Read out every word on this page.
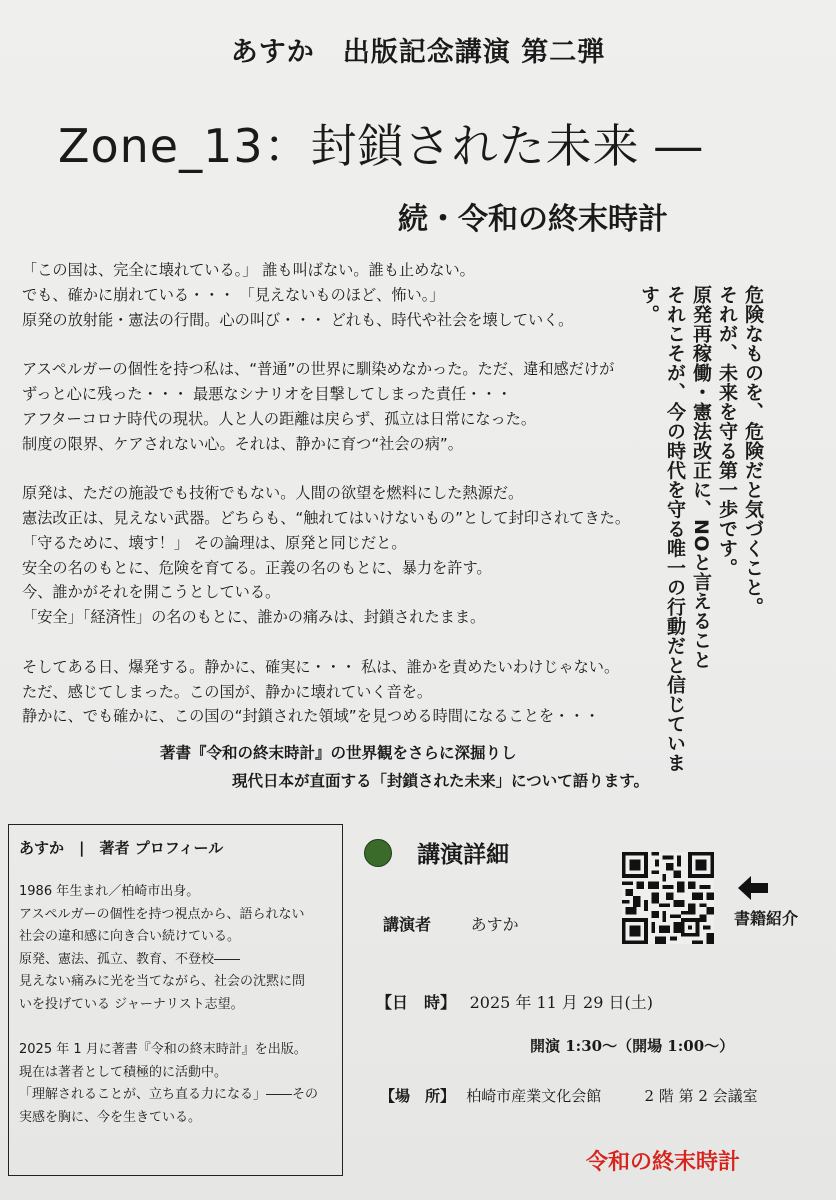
あすか　出版記念講演 第二弾
Zone_13：封鎖された未来 ―
続・令和の終末時計
「この国は、完全に壊れている。」 誰も叫ばない。誰も止めない。
でも、確かに崩れている・・・ 「見えないものほど、怖い。」
原発の放射能・憲法の行間。心の叫び・・・ どれも、時代や社会を壊していく。
アスペルガーの個性を持つ私は、“普通”の世界に馴染めなかった。ただ、違和感だけが
ずっと心に残った・・・ 最悪なシナリオを目撃してしまった責任・・・
アフターコロナ時代の現状。人と人の距離は戻らず、孤立は日常になった。
制度の限界、ケアされない心。それは、静かに育つ“社会の病”。
原発は、ただの施設でも技術でもない。人間の欲望を燃料にした熱源だ。
憲法改正は、見えない武器。どちらも、“触れてはいけないもの”として封印されてきた。
「守るために、壊す！」 その論理は、原発と同じだと。
安全の名のもとに、危険を育てる。正義の名のもとに、暴力を許す。
今、誰かがそれを開こうとしている。
「安全」「経済性」の名のもとに、誰かの痛みは、封鎖されたまま。
そしてある日、爆発する。静かに、確実に・・・ 私は、誰かを責めたいわけじゃない。
ただ、感じてしまった。この国が、静かに壊れていく音を。
静かに、でも確かに、この国の“封鎖された領域”を見つめる時間になることを・・・
著書『令和の終末時計』の世界観をさらに深掘りし
現代日本が直面する「封鎖された未来」について語ります。
危険なものを、危険だと気づくこと。
それが、未来を守る第一歩です。
原発再稼働・憲法改正に、NOと言えること
それこそが、今の時代を守る唯一の行動だと信じています。
あすか　|　著者 プロフィール
1986 年生まれ／柏崎市出身。
アスペルガーの個性を持つ視点から、語られない
社会の違和感に向き合い続けている。
原発、憲法、孤立、教育、不登校――
見えない痛みに光を当てながら、社会の沈黙に問
いを投げている ジャーナリスト志望。
2025 年 1 月に著書『令和の終末時計』を出版。
現在は著者として積極的に活動中。
「理解されることが、立ち直る力になる」――その
実感を胸に、今を生きている。
講演詳細
講演者 あすか
【日　時】 2025 年 11 月 29 日(土)
開演 1:30～（開場 1:00～）
【場　所】 柏崎市産業文化会館	2 階 第 2 会議室
書籍紹介
令和の終末時計
